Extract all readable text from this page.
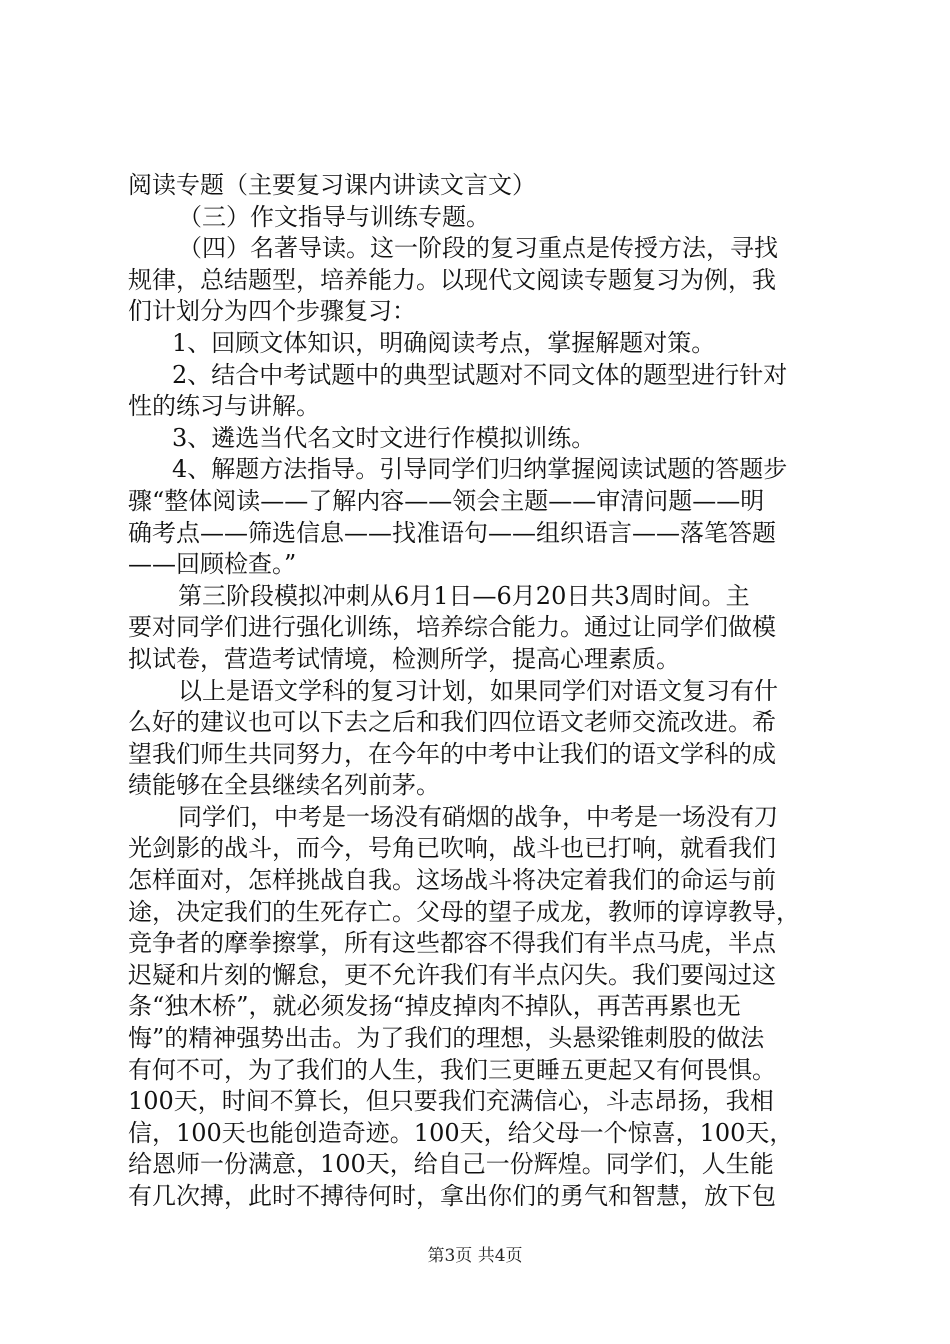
阅读专题（主要复习课内讲读文言文）
（三）作文指导与训练专题。
（四）名著导读。这一阶段的复习重点是传授方法，寻找
规律，总结题型，培养能力。以现代文阅读专题复习为例，我
们计划分为四个步骤复习：
1、回顾文体知识，明确阅读考点，掌握解题对策。
2、结合中考试题中的典型试题对不同文体的题型进行针对
性的练习与讲解。
3、遴选当代名文时文进行作模拟训练。
4、解题方法指导。引导同学们归纳掌握阅读试题的答题步
骤“整体阅读——了解内容——领会主题——审清问题——明
确考点——筛选信息——找准语句——组织语言——落笔答题
——回顾检查。”
第三阶段模拟冲刺从6月1日—6月20日共3周时间。主
要对同学们进行强化训练，培养综合能力。通过让同学们做模
拟试卷，营造考试情境，检测所学，提高心理素质。
以上是语文学科的复习计划，如果同学们对语文复习有什
么好的建议也可以下去之后和我们四位语文老师交流改进。希
望我们师生共同努力，在今年的中考中让我们的语文学科的成
绩能够在全县继续名列前茅。
同学们，中考是一场没有硝烟的战争，中考是一场没有刀
光剑影的战斗，而今，号角已吹响，战斗也已打响，就看我们
怎样面对，怎样挑战自我。这场战斗将决定着我们的命运与前
途，决定我们的生死存亡。父母的望子成龙，教师的谆谆教导，
竞争者的摩拳擦掌，所有这些都容不得我们有半点马虎，半点
迟疑和片刻的懈怠，更不允许我们有半点闪失。我们要闯过这
条“独木桥”，就必须发扬“掉皮掉肉不掉队，再苦再累也无
悔”的精神强势出击。为了我们的理想，头悬梁锥刺股的做法
有何不可，为了我们的人生，我们三更睡五更起又有何畏惧。
100天，时间不算长，但只要我们充满信心，斗志昂扬，我相
信，100天也能创造奇迹。100天，给父母一个惊喜，100天，
给恩师一份满意，100天，给自己一份辉煌。同学们，人生能
有几次搏，此时不搏待何时，拿出你们的勇气和智慧，放下包
第3页 共4页
